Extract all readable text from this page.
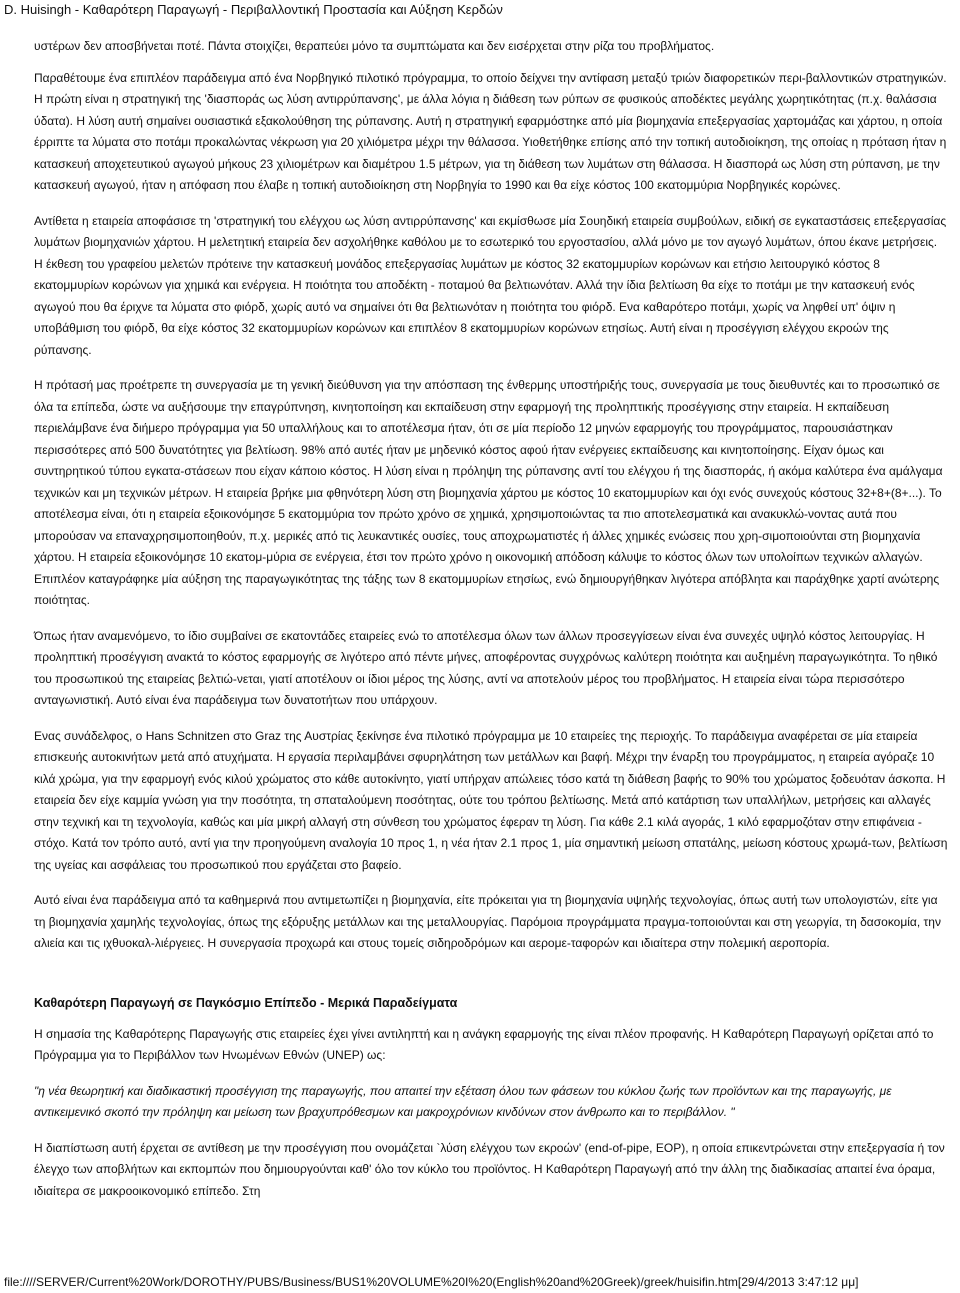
D. Huisingh - Καθαρότερη Παραγωγή - Περιβαλλοντική Προστασία και Αύξηση Κερδών

υστέρων δεν αποσβήνεται ποτέ. Πάντα στοιχίζει, θεραπεύει μόνο τα συμπτώματα και δεν εισέρχεται στην ρίζα του προβλήματος.

Παραθέτουμε ένα επιπλέον παράδειγμα από ένα Νορβηγικό πιλοτικό πρόγραμμα, το οποίο δείχνει την αντίφαση μεταξύ τριών διαφορετικών περι-βαλλοντικών στρατηγικών. Η πρώτη είναι η στρατηγική της 'διασποράς ως λύση αντιρρύπανσης', με άλλα λόγια η διάθεση των ρύπων σε φυσικούς αποδέκτες μεγάλης χωρητικότητας (π.χ. θαλάσσια ύδατα). Η λύση αυτή σημαίνει ουσιαστικά εξακολούθηση της ρύπανσης. Αυτή η στρατηγική εφαρμόστηκε από μία βιομηχανία επεξεργασίας χαρτομάζας και χάρτου, η οποία έρριπτε τα λύματα στο ποτάμι προκαλώντας νέκρωση για 20 χιλιόμετρα μέχρι την θάλασσα. Υιοθετήθηκε επίσης από την τοπική αυτοδιοίκηση, της οποίας η πρόταση ήταν η κατασκευή αποχετευτικού αγωγού μήκους 23 χιλιομέτρων και διαμέτρου 1.5 μέτρων, για τη διάθεση των λυμάτων στη θάλασσα. Η διασπορά ως λύση στη ρύπανση, με την κατασκευή αγωγού, ήταν η απόφαση που έλαβε η τοπική αυτοδιοίκηση στη Νορβηγία το 1990 και θα είχε κόστος 100 εκατομμύρια Νορβηγικές κορώνες.

Αντίθετα η εταιρεία αποφάσισε τη 'στρατηγική του ελέγχου ως λύση αντιρρύπανσης' και εκμίσθωσε μία Σουηδική εταιρεία συμβούλων, ειδική σε εγκαταστάσεις επεξεργασίας λυμάτων βιομηχανιών χάρτου. Η μελετητική εταιρεία δεν ασχολήθηκε καθόλου με το εσωτερικό του εργοστασίου, αλλά μόνο με τον αγωγό λυμάτων, όπου έκανε μετρήσεις. Η έκθεση του γραφείου μελετών πρότεινε την κατασκευή μονάδος επεξεργασίας λυμάτων με κόστος 32 εκατομμυρίων κορώνων και ετήσιο λειτουργικό κόστος 8 εκατομμυρίων κορώνων για χημικά και ενέργεια. Η ποιότητα του αποδέκτη - ποταμού θα βελτιωνόταν. Αλλά την ίδια βελτίωση θα είχε το ποτάμι με την κατασκευή ενός αγωγού που θα έριχνε τα λύματα στο φιόρδ, χωρίς αυτό να σημαίνει ότι θα βελτιωνόταν η ποιότητα του φιόρδ. Ενα καθαρότερο ποτάμι, χωρίς να ληφθεί υπ' όψιν η υποβάθμιση του φιόρδ, θα είχε κόστος 32 εκατομμυρίων κορώνων και επιπλέον 8 εκατομμυρίων κορώνων ετησίως. Αυτή είναι η προσέγγιση ελέγχου εκροών της ρύπανσης.

Η πρότασή μας προέτρεπε τη συνεργασία με τη γενική διεύθυνση για την απόσπαση της ένθερμης υποστήριξής τους, συνεργασία με τους διευθυντές και το προσωπικό σε όλα τα επίπεδα, ώστε να αυξήσουμε την επαγρύπνηση, κινητοποίηση και εκπαίδευση στην εφαρμογή της προληπτικής προσέγγισης στην εταιρεία. Η εκπαίδευση περιελάμβανε ένα διήμερο πρόγραμμα για 50 υπαλλήλους και το αποτέλεσμα ήταν, ότι σε μία περίοδο 12 μηνών εφαρμογής του προγράμματος, παρουσιάστηκαν περισσότερες από 500 δυνατότητες για βελτίωση. 98% από αυτές ήταν με μηδενικό κόστος αφού ήταν ενέργειες εκπαίδευσης και κινητοποίησης. Είχαν όμως και συντηρητικού τύπου εγκατα-στάσεων που είχαν κάποιο κόστος. Η λύση είναι η πρόληψη της ρύπανσης αντί του ελέγχου ή της διασποράς, ή ακόμα καλύτερα ένα αμάλγαμα τεχνικών και μη τεχνικών μέτρων. Η εταιρεία βρήκε μια φθηνότερη λύση στη βιομηχανία χάρτου με κόστος 10 εκατομμυρίων και όχι ενός συνεχούς κόστους 32+8+(8+...). Το αποτέλεσμα είναι, ότι η εταιρεία εξοικονόμησε 5 εκατομμύρια τον πρώτο χρόνο σε χημικά, χρησιμοποιώντας τα πιο αποτελεσματικά και ανακυκλώ-νοντας αυτά που μπορούσαν να επαναχρησιμοποιηθούν, π.χ. μερικές από τις λευκαντικές ουσίες, τους αποχρωματιστές ή άλλες χημικές ενώσεις που χρη-σιμοποιούνται στη βιομηχανία χάρτου. Η εταιρεία εξοικονόμησε 10 εκατομ-μύρια σε ενέργεια, έτσι τον πρώτο χρόνο η οικονομική απόδοση κάλυψε το κόστος όλων των υπολοίπων τεχνικών αλλαγών. Επιπλέον καταγράφηκε μία αύξηση της παραγωγικότητας της τάξης των 8 εκατομμυρίων ετησίως, ενώ δημιουργήθηκαν λιγότερα απόβλητα και παράχθηκε χαρτί ανώτερης ποιότητας.

Όπως ήταν αναμενόμενο, το ίδιο συμβαίνει σε εκατοντάδες εταιρείες ενώ το αποτέλεσμα όλων των άλλων προσεγγίσεων είναι ένα συνεχές υψηλό κόστος λειτουργίας. Η προληπτική προσέγγιση ανακτά το κόστος εφαρμογής σε λιγότερο από πέντε μήνες, αποφέροντας συγχρόνως καλύτερη ποιότητα και αυξημένη παραγωγικότητα. Το ηθικό του προσωπικού της εταιρείας βελτιώ-νεται, γιατί αποτέλουν οι ίδιοι μέρος της λύσης, αντί να αποτελούν μέρος του προβλήματος. Η εταιρεία είναι τώρα περισσότερο ανταγωνιστική. Αυτό είναι ένα παράδειγμα των δυνατοτήτων που υπάρχουν.

Ενας συνάδελφος, ο Hans Schnitzen στο Graz της Αυστρίας ξεκίνησε ένα πιλοτικό πρόγραμμα με 10 εταιρείες της περιοχής. Το παράδειγμα αναφέρεται σε μία εταιρεία επισκευής αυτοκινήτων μετά από ατυχήματα. Η εργασία περιλαμβάνει σφυρηλάτηση των μετάλλων και βαφή. Μέχρι την έναρξη του προγράμματος, η εταιρεία αγόραζε 10 κιλά χρώμα, για την εφαρμογή ενός κιλού χρώματος στο κάθε αυτοκίνητο, γιατί υπήρχαν απώλειες τόσο κατά τη διάθεση βαφής το 90% του χρώματος ξοδευόταν άσκοπα. Η εταιρεία δεν είχε καμμία γνώση για την ποσότητα, τη σπαταλούμενη ποσότητας, ούτε του τρόπου βελτίωσης. Μετά από κατάρτιση των υπαλλήλων, μετρήσεις και αλλαγές στην τεχνική και τη τεχνολογία, καθώς και μία μικρή αλλαγή στη σύνθεση του χρώματος έφεραν τη λύση. Για κάθε 2.1 κιλά αγοράς, 1 κιλό εφαρμοζόταν στην επιφάνεια - στόχο. Κατά τον τρόπο αυτό, αντί για την προηγούμενη αναλογία 10 προς 1, η νέα ήταν 2.1 προς 1, μία σημαντική μείωση σπατάλης, μείωση κόστους χρωμά-των, βελτίωση της υγείας και ασφάλειας του προσωπικού που εργάζεται στο βαφείο.

Αυτό είναι ένα παράδειγμα από τα καθημερινά που αντιμετωπίζει η βιομηχανία, είτε πρόκειται για τη βιομηχανία υψηλής τεχνολογίας, όπως αυτή των υπολογιστών, είτε για τη βιομηχανία χαμηλής τεχνολογίας, όπως της εξόρυξης μετάλλων και της μεταλλουργίας. Παρόμοια προγράμματα πραγμα-τοποιούνται και στη γεωργία, τη δασοκομία, την αλιεία και τις ιχθυοκαλ-λιέργειες. Η συνεργασία προχωρά και στους τομείς σιδηροδρόμων και αερομε-ταφορών και ιδιαίτερα στην πολεμική αεροπορία.

Καθαρότερη Παραγωγή σε Παγκόσμιο Επίπεδο - Μερικά Παραδείγματα

Η σημασία της Καθαρότερης Παραγωγής στις εταιρείες έχει γίνει αντιληπτή και η ανάγκη εφαρμογής της είναι πλέον προφανής. Η Καθαρότερη Παραγωγή ορίζεται από το Πρόγραμμα για το Περιβάλλον των Ηνωμένων Εθνών (UNEP) ως:

"η νέα θεωρητική και διαδικαστική προσέγγιση της παραγωγής, που απαιτεί την εξέταση όλου των φάσεων του κύκλου ζωής των προϊόντων και της παραγωγής, με αντικειμενικό σκοπό την πρόληψη και μείωση των βραχυπρόθεσμων και μακροχρόνιων κινδύνων στον άνθρωπο και το περιβάλλον. "

Η διαπίστωση αυτή έρχεται σε αντίθεση με την προσέγγιση που ονομάζεται `λύση ελέγχου των εκροών' (end-of-pipe, EOP), η οποία επικεντρώνεται στην επεξεργασία ή τον έλεγχο των αποβλήτων και εκπομπών που δημιουργούνται καθ' όλο τον κύκλο του προϊόντος. Η Καθαρότερη Παραγωγή από την άλλη της διαδικασίας απαιτεί ένα όραμα, ιδιαίτερα σε μακροοικονομικό επίπεδο. Στη

file:////SERVER/Current%20Work/DOROTHY/PUBS/Business/BUS1%20VOLUME%20I%20(English%20and%20Greek)/greek/huisifin.htm[29/4/2013 3:47:12 μμ]
